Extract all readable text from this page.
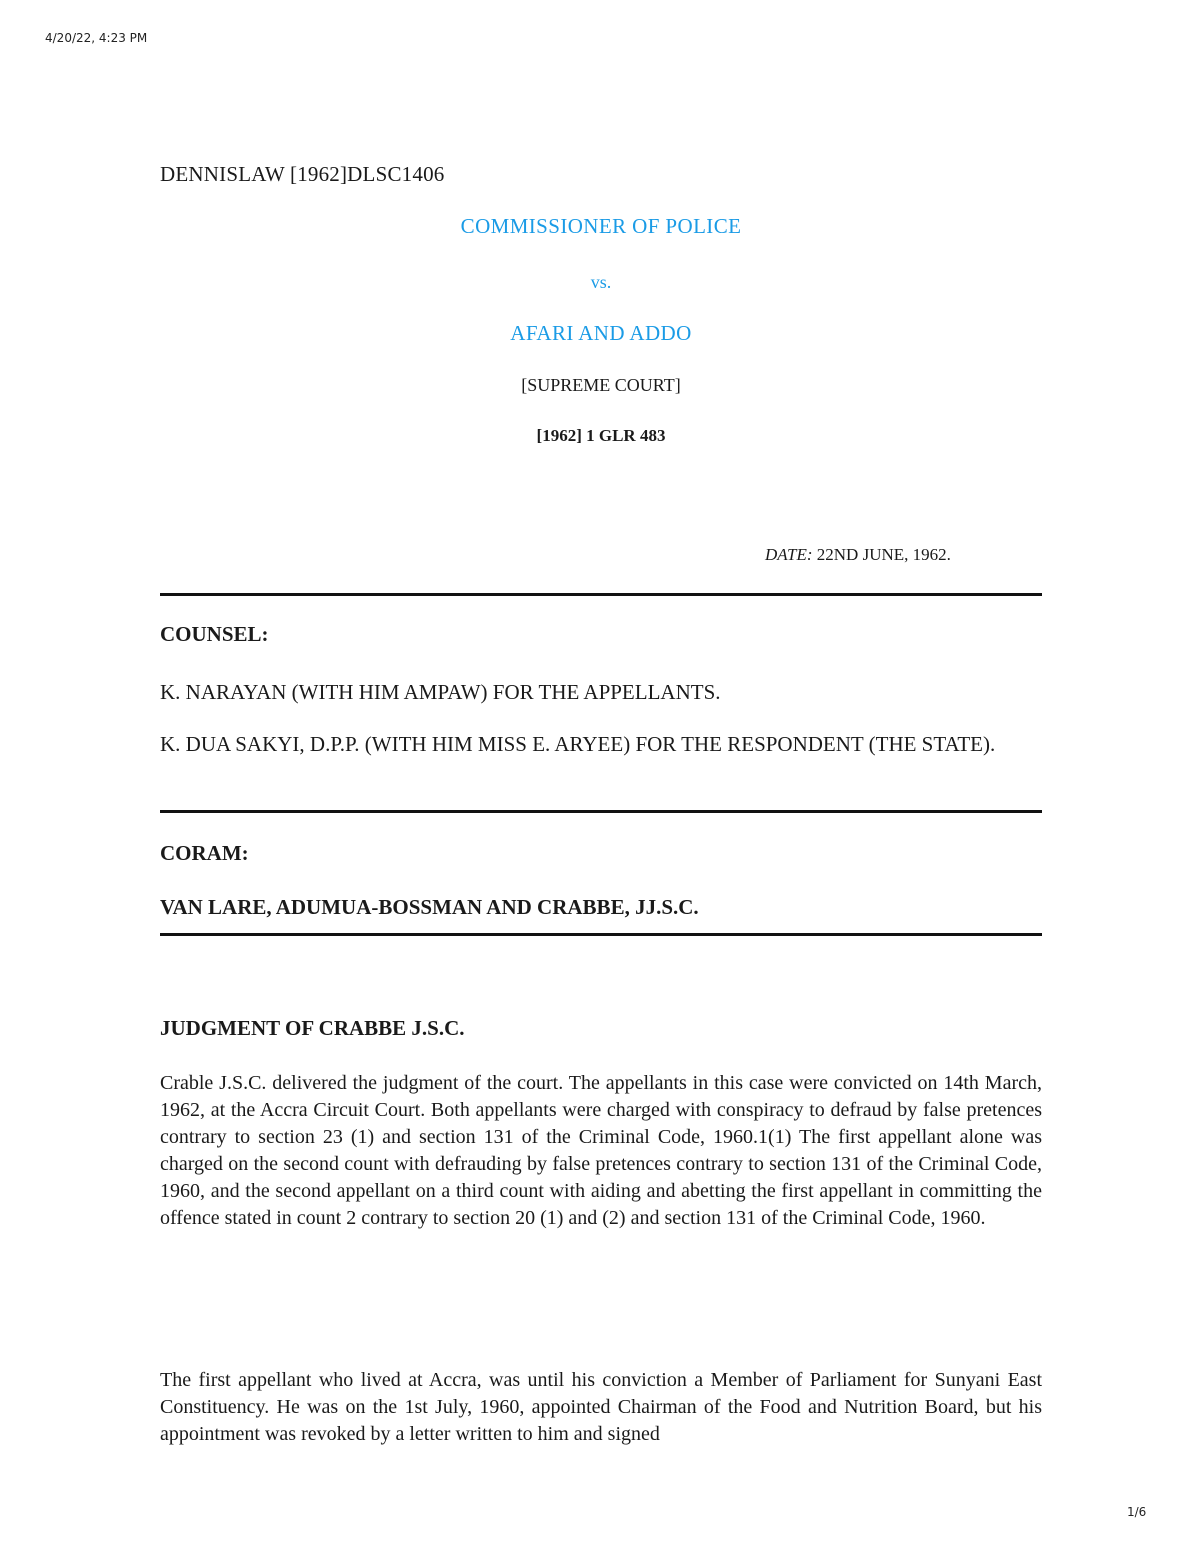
4/20/22, 4:23 PM
DENNISLAW [1962]DLSC1406
COMMISSIONER OF POLICE
vs.
AFARI AND ADDO
[SUPREME COURT]
[1962] 1 GLR 483
DATE: 22ND JUNE, 1962.
COUNSEL:
K. NARAYAN (WITH HIM AMPAW) FOR THE APPELLANTS.
K. DUA SAKYI, D.P.P. (WITH HIM MISS E. ARYEE) FOR THE RESPONDENT (THE STATE).
CORAM:
VAN LARE, ADUMUA-BOSSMAN AND CRABBE, JJ.S.C.
JUDGMENT OF CRABBE J.S.C.
Crable J.S.C. delivered the judgment of the court. The appellants in this case were convicted on 14th March, 1962, at the Accra Circuit Court. Both appellants were charged with conspiracy to defraud by false pretences contrary to section 23 (1) and section 131 of the Criminal Code, 1960.1(1) The first appellant alone was charged on the second count with defrauding by false pretences contrary to section 131 of the Criminal Code, 1960, and the second appellant on a third count with aiding and abetting the first appellant in committing the offence stated in count 2 contrary to section 20 (1) and (2) and section 131 of the Criminal Code, 1960.
The first appellant who lived at Accra, was until his conviction a Member of Parliament for Sunyani East Constituency. He was on the 1st July, 1960, appointed Chairman of the Food and Nutrition Board, but his appointment was revoked by a letter written to him and signed
1/6
